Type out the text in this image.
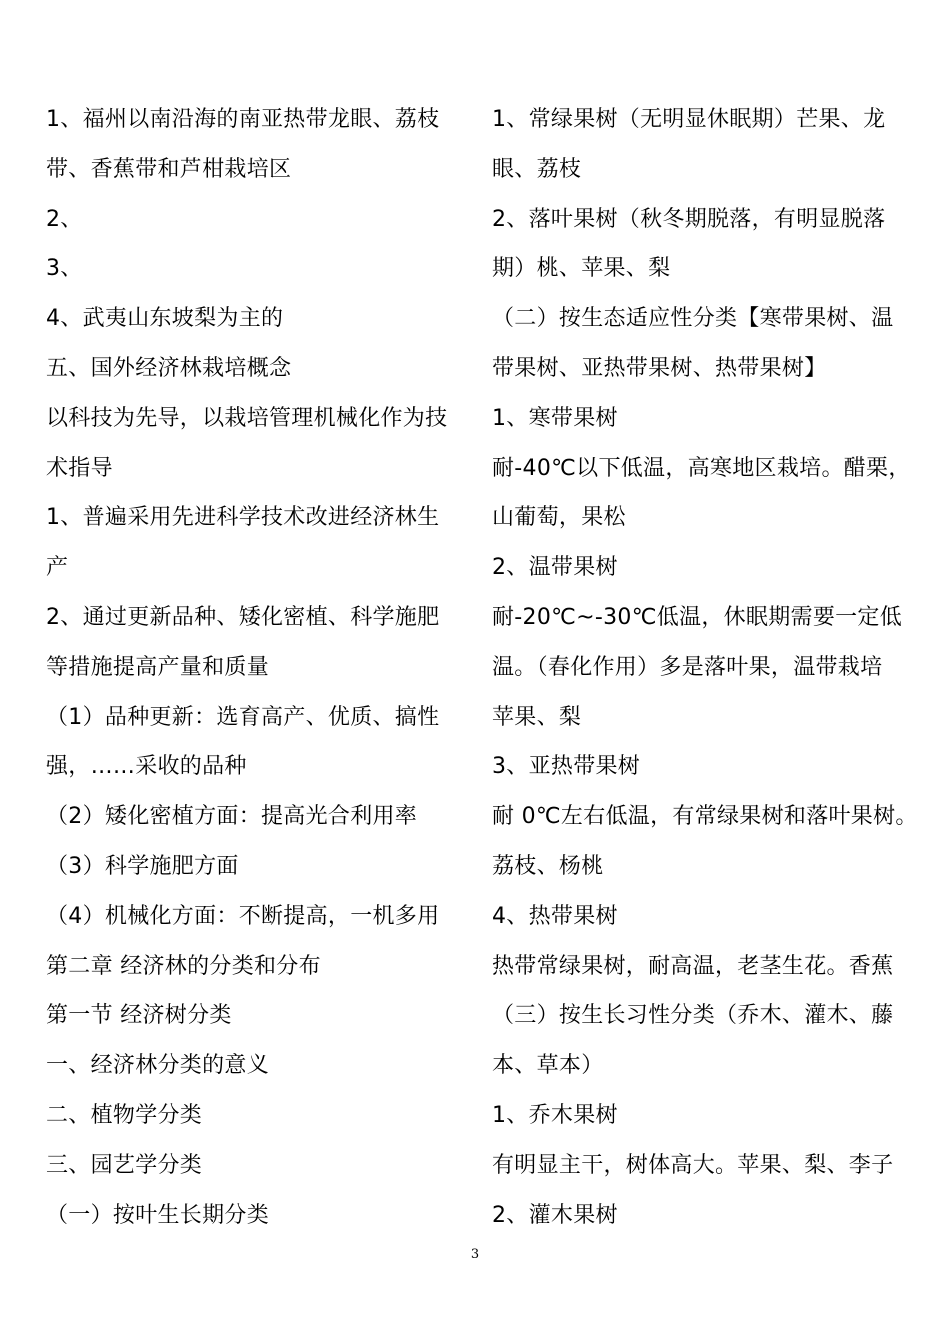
1、福州以南沿海的南亚热带龙眼、荔枝
带、香蕉带和芦柑栽培区
2、
3、
4、武夷山东坡梨为主的
五、国外经济林栽培概念
以科技为先导，以栽培管理机械化作为技
术指导
1、普遍采用先进科学技术改进经济林生
产
2、通过更新品种、矮化密植、科学施肥
等措施提高产量和质量
（1）品种更新：选育高产、优质、搞性
强，……采收的品种
（2）矮化密植方面：提高光合利用率
（3）科学施肥方面
（4）机械化方面：不断提高，一机多用
第二章 经济林的分类和分布
第一节 经济树分类
一、经济林分类的意义
二、植物学分类
三、园艺学分类
（一）按叶生长期分类
1、常绿果树（无明显休眠期）芒果、龙
眼、荔枝
2、落叶果树（秋冬期脱落，有明显脱落
期）桃、苹果、梨
（二）按生态适应性分类【寒带果树、温
带果树、亚热带果树、热带果树】
1、寒带果树
耐-40℃以下低温，高寒地区栽培。醋栗，
山葡萄，果松
2、温带果树
耐-20℃~-30℃低温，休眠期需要一定低
温。（春化作用）多是落叶果，温带栽培
苹果、梨
3、亚热带果树
耐 0℃左右低温，有常绿果树和落叶果树。
荔枝、杨桃
4、热带果树
热带常绿果树，耐高温，老茎生花。香蕉
（三）按生长习性分类（乔木、灌木、藤
本、草本）
1、乔木果树
有明显主干，树体高大。苹果、梨、李子
2、灌木果树
3
